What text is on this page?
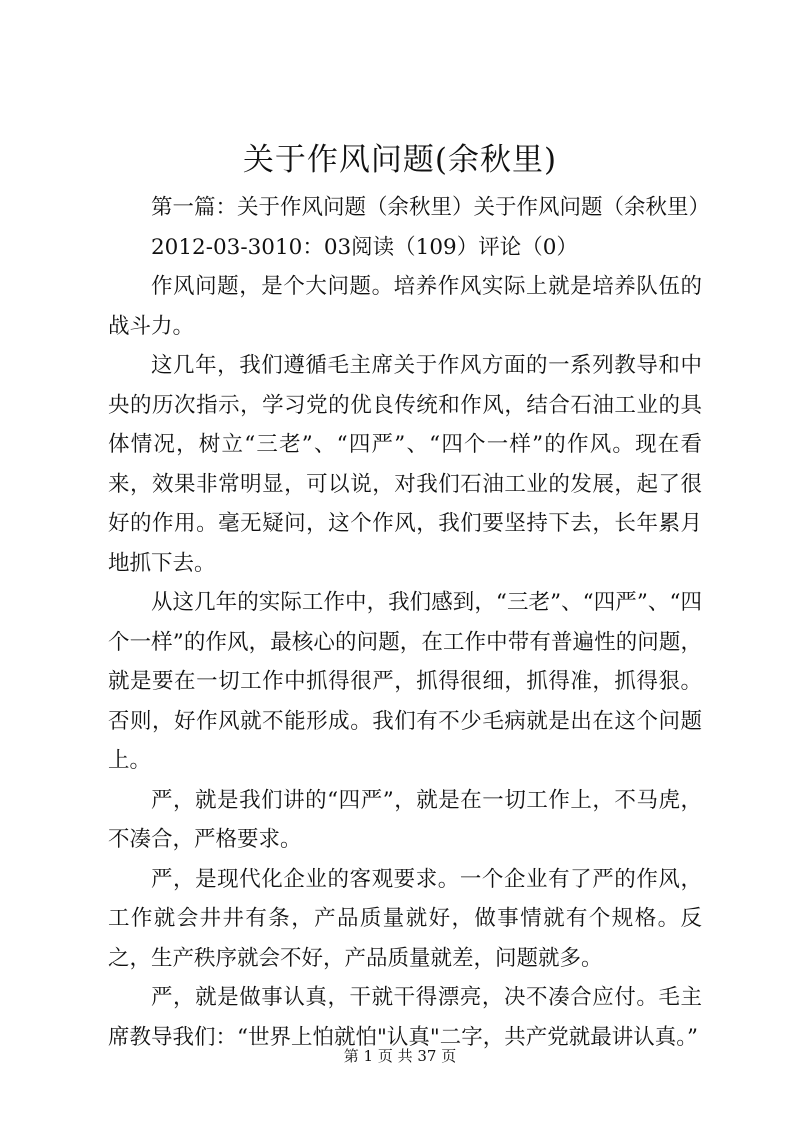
关于作风问题(余秋里)

第一篇：关于作风问题（余秋里）关于作风问题（余秋里）

2012-03-3010：03阅读（109）评论（0）

作风问题，是个大问题。培养作风实际上就是培养队伍的战斗力。

这几年，我们遵循毛主席关于作风方面的一系列教导和中央的历次指示，学习党的优良传统和作风，结合石油工业的具体情况，树立“三老”、“四严”、“四个一样”的作风。现在看来，效果非常明显，可以说，对我们石油工业的发展，起了很好的作用。毫无疑问，这个作风，我们要坚持下去，长年累月地抓下去。

从这几年的实际工作中，我们感到，“三老”、“四严”、“四个一样”的作风，最核心的问题，在工作中带有普遍性的问题，就是要在一切工作中抓得很严，抓得很细，抓得准，抓得狠。否则，好作风就不能形成。我们有不少毛病就是出在这个问题上。

严，就是我们讲的“四严”，就是在一切工作上，不马虎，不凑合，严格要求。

严，是现代化企业的客观要求。一个企业有了严的作风，工作就会井井有条，产品质量就好，做事情就有个规格。反之，生产秩序就会不好，产品质量就差，问题就多。

严，就是做事认真，干就干得漂亮，决不凑合应付。毛主席教导我们：“世界上怕就怕"认真"二字，共产党就最讲认真。”

第 1 页 共 37 页
